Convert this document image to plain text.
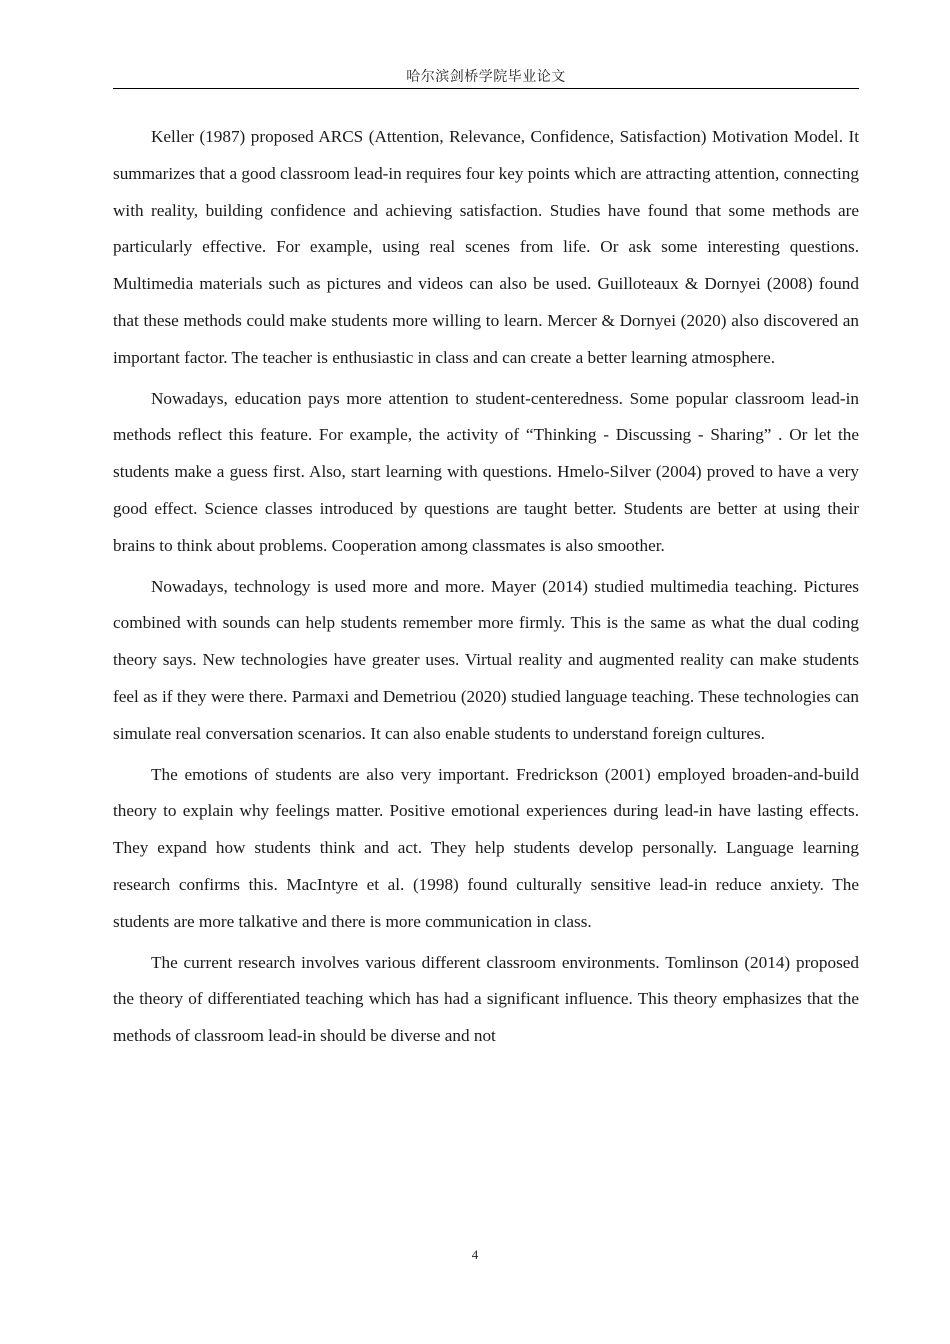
哈尔滨剑桥学院毕业论文

Keller (1987) proposed ARCS (Attention, Relevance, Confidence, Satisfaction) Motivation Model. It summarizes that a good classroom lead-in requires four key points which are attracting attention, connecting with reality, building confidence and achieving satisfaction. Studies have found that some methods are particularly effective. For example, using real scenes from life. Or ask some interesting questions. Multimedia materials such as pictures and videos can also be used. Guilloteaux & Dornyei (2008) found that these methods could make students more willing to learn. Mercer & Dornyei (2020) also discovered an important factor. The teacher is enthusiastic in class and can create a better learning atmosphere.

Nowadays, education pays more attention to student-centeredness. Some popular classroom lead-in methods reflect this feature. For example, the activity of “Thinking - Discussing - Sharing” . Or let the students make a guess first. Also, start learning with questions. Hmelo-Silver (2004) proved to have a very good effect. Science classes introduced by questions are taught better. Students are better at using their brains to think about problems. Cooperation among classmates is also smoother.

Nowadays, technology is used more and more. Mayer (2014) studied multimedia teaching. Pictures combined with sounds can help students remember more firmly. This is the same as what the dual coding theory says. New technologies have greater uses. Virtual reality and augmented reality can make students feel as if they were there. Parmaxi and Demetriou (2020) studied language teaching. These technologies can simulate real conversation scenarios. It can also enable students to understand foreign cultures.

The emotions of students are also very important. Fredrickson (2001) employed broaden-and-build theory to explain why feelings matter. Positive emotional experiences during lead-in have lasting effects. They expand how students think and act. They help students develop personally. Language learning research confirms this. MacIntyre et al. (1998) found culturally sensitive lead-in reduce anxiety. The students are more talkative and there is more communication in class.

The current research involves various different classroom environments. Tomlinson (2014) proposed the theory of differentiated teaching which has had a significant influence. This theory emphasizes that the methods of classroom lead-in should be diverse and not

4
